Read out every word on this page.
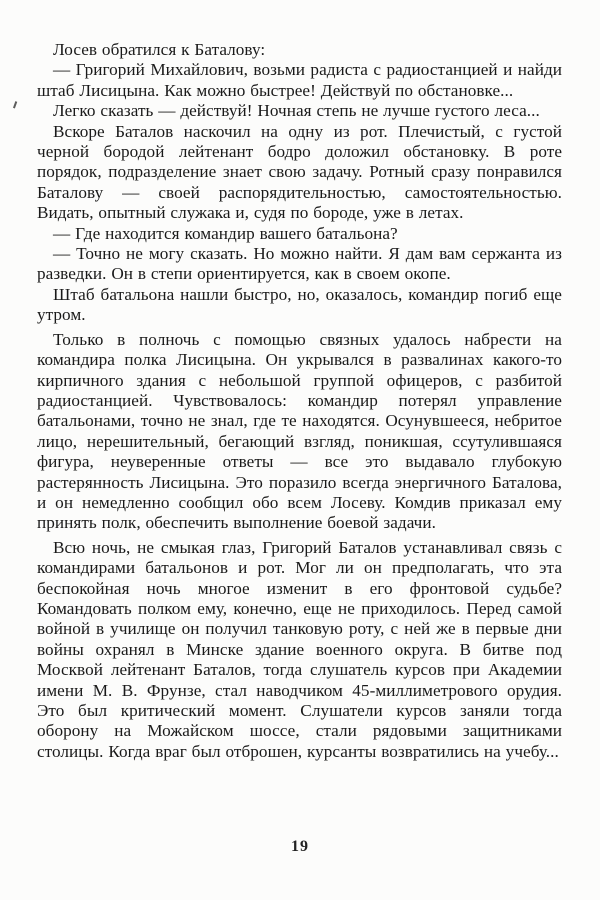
Лосев обратился к Баталову:

— Григорий Михайлович, возьми радиста с радиостанцией и найди штаб Лисицына. Как можно быстрее! Действуй по обстановке...

Легко сказать — действуй! Ночная степь не лучше густого леса...

Вскоре Баталов наскочил на одну из рот. Плечистый, с густой черной бородой лейтенант бодро доложил обстановку. В роте порядок, подразделение знает свою задачу. Ротный сразу понравился Баталову — своей распорядительностью, самостоятельностью. Видать, опытный служака и, судя по бороде, уже в летах.

— Где находится командир вашего батальона?

— Точно не могу сказать. Но можно найти. Я дам вам сержанта из разведки. Он в степи ориентируется, как в своем окопе.

Штаб батальона нашли быстро, но, оказалось, командир погиб еще утром.

Только в полночь с помощью связных удалось набрести на командира полка Лисицына. Он укрывался в развалинах какого-то кирпичного здания с небольшой группой офицеров, с разбитой радиостанцией. Чувствовалось: командир потерял управление батальонами, точно не знал, где те находятся. Осунувшееся, небритое лицо, нерешительный, бегающий взгляд, поникшая, ссутулившаяся фигура, неуверенные ответы — все это выдавало глубокую растерянность Лисицына. Это поразило всегда энергичного Баталова, и он немедленно сообщил обо всем Лосеву. Комдив приказал ему принять полк, обеспечить выполнение боевой задачи.

Всю ночь, не смыкая глаз, Григорий Баталов устанавливал связь с командирами батальонов и рот. Мог ли он предполагать, что эта беспокойная ночь многое изменит в его фронтовой судьбе? Командовать полком ему, конечно, еще не приходилось. Перед самой войной в училище он получил танковую роту, с ней же в первые дни войны охранял в Минске здание военного округа. В битве под Москвой лейтенант Баталов, тогда слушатель курсов при Академии имени М. В. Фрунзе, стал наводчиком 45-миллиметрового орудия. Это был критический момент. Слушатели курсов заняли тогда оборону на Можайском шоссе, стали рядовыми защитниками столицы. Когда враг был отброшен, курсанты возвратились на учебу...

19
